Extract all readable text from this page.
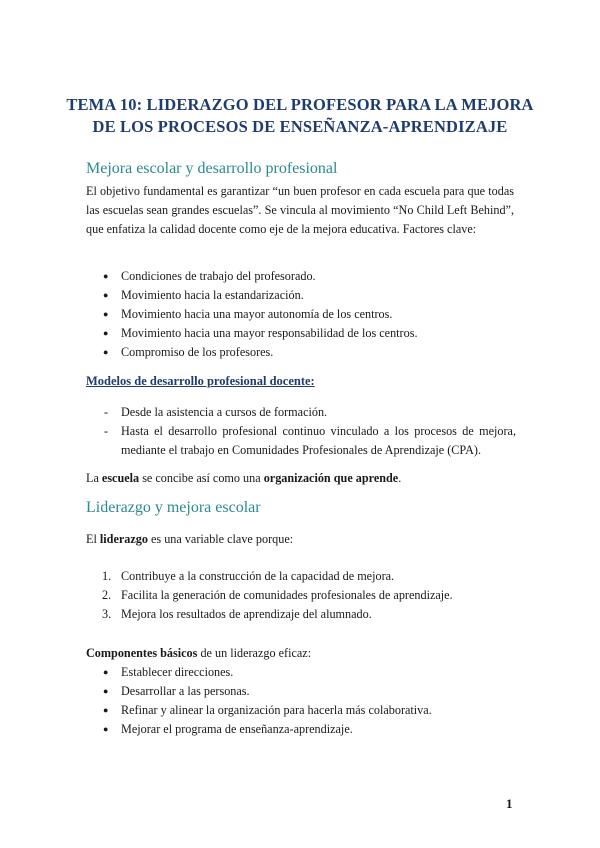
TEMA 10: LIDERAZGO DEL PROFESOR PARA LA MEJORA
DE LOS PROCESOS DE ENSEÑANZA-APRENDIZAJE
Mejora escolar y desarrollo profesional
El objetivo fundamental es garantizar “un buen profesor en cada escuela para que todas las escuelas sean grandes escuelas”. Se vincula al movimiento “No Child Left Behind”, que enfatiza la calidad docente como eje de la mejora educativa. Factores clave:
●	Condiciones de trabajo del profesorado.
●	Movimiento hacia la estandarización.
●	Movimiento hacia una mayor autonomía de los centros.
●	Movimiento hacia una mayor responsabilidad de los centros.
●	Compromiso de los profesores.
Modelos de desarrollo profesional docente:
-	Desde la asistencia a cursos de formación.
-	Hasta el desarrollo profesional continuo vinculado a los procesos de mejora, mediante el trabajo en Comunidades Profesionales de Aprendizaje (CPA).
La escuela se concibe así como una organización que aprende.
Liderazgo y mejora escolar
El liderazgo es una variable clave porque:
1. Contribuye a la construcción de la capacidad de mejora.
2. Facilita la generación de comunidades profesionales de aprendizaje.
3. Mejora los resultados de aprendizaje del alumnado.
Componentes básicos de un liderazgo eficaz:
●	Establecer direcciones.
●	Desarrollar a las personas.
●	Refinar y alinear la organización para hacerla más colaborativa.
●	Mejorar el programa de enseñanza-aprendizaje.
1
